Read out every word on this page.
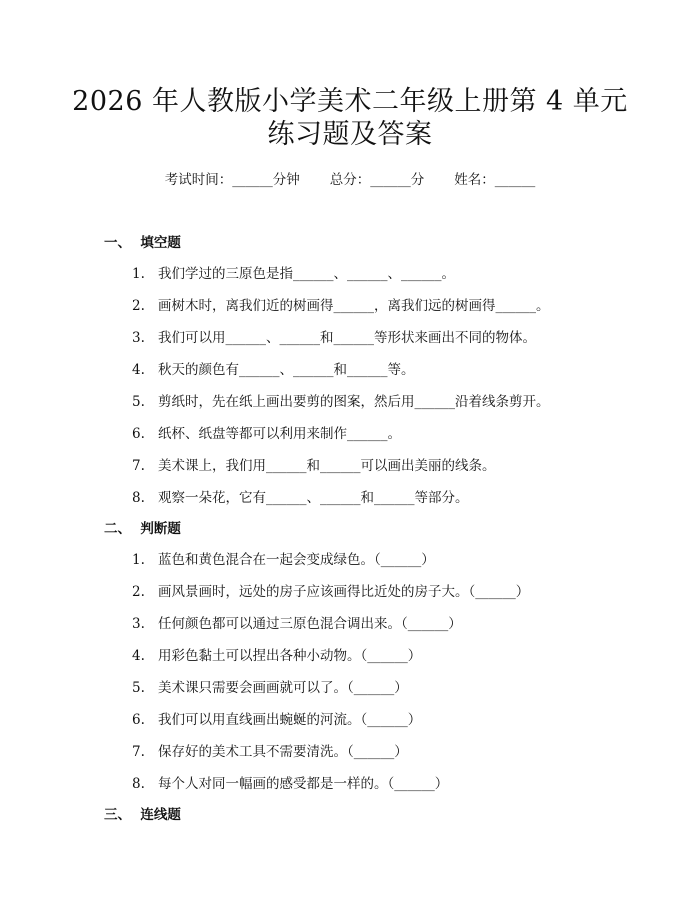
2026 年人教版小学美术二年级上册第 4 单元
练习题及答案
考试时间：______分钟 总分：______分 姓名：______
一、  填空题
1. 我们学过的三原色是指______、______、______。
2. 画树木时，离我们近的树画得______，离我们远的树画得______。
3. 我们可以用______、______和______等形状来画出不同的物体。
4. 秋天的颜色有______、______和______等。
5. 剪纸时，先在纸上画出要剪的图案，然后用______沿着线条剪开。
6. 纸杯、纸盘等都可以利用来制作______。
7. 美术课上，我们用______和______可以画出美丽的线条。
8. 观察一朵花，它有______、______和______等部分。
二、  判断题
1. 蓝色和黄色混合在一起会变成绿色。（______）
2. 画风景画时，远处的房子应该画得比近处的房子大。（______）
3. 任何颜色都可以通过三原色混合调出来。（______）
4. 用彩色黏土可以捏出各种小动物。（______）
5. 美术课只需要会画画就可以了。（______）
6. 我们可以用直线画出蜿蜒的河流。（______）
7. 保存好的美术工具不需要清洗。（______）
8. 每个人对同一幅画的感受都是一样的。（______）
三、  连线题
